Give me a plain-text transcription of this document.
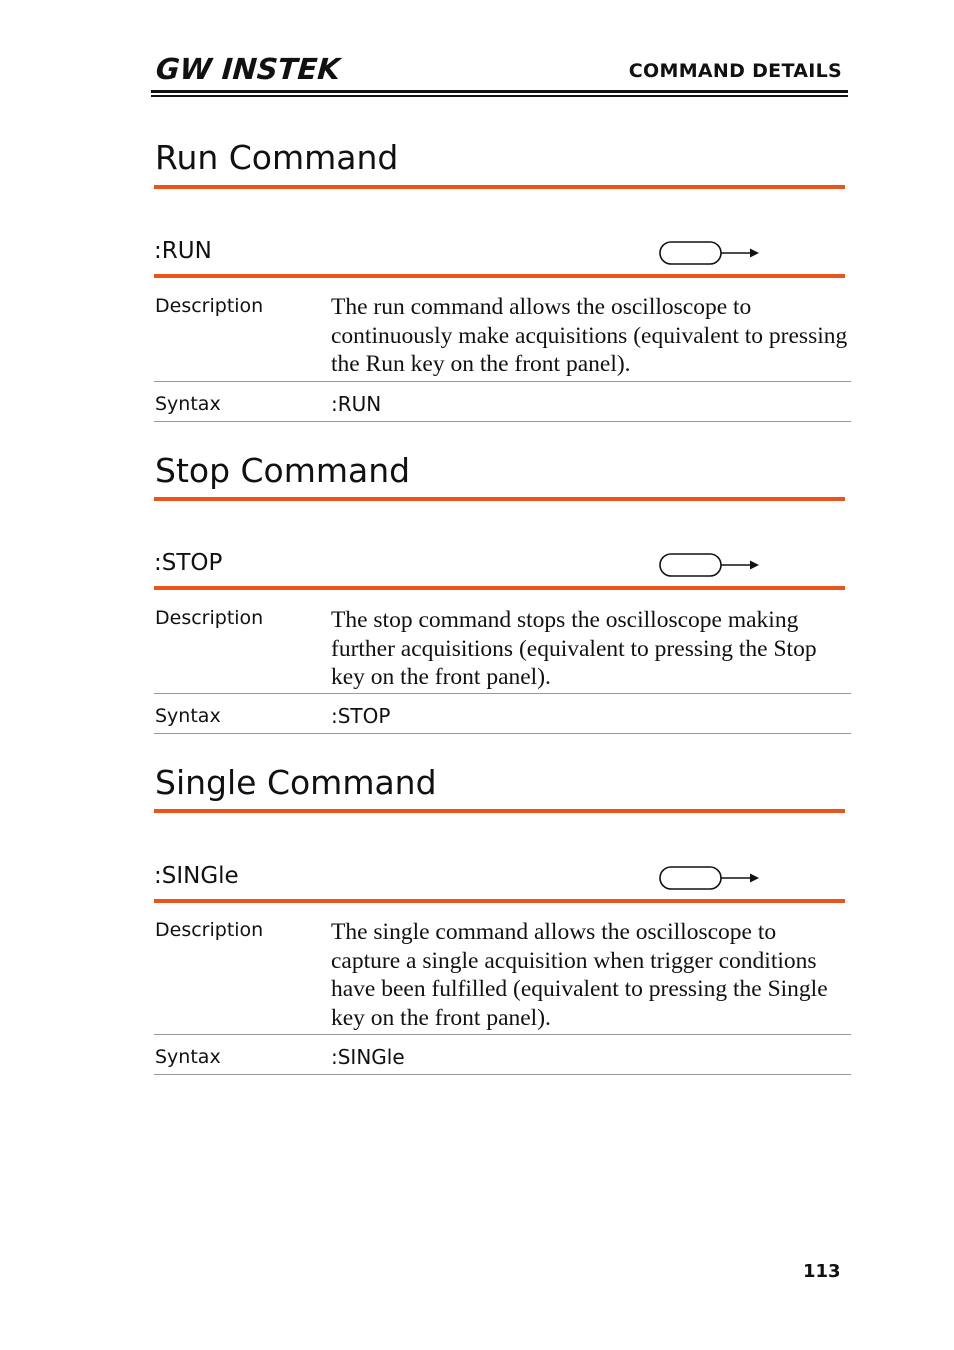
GW INSTEK	COMMAND DETAILS
Run Command
:RUN
Description	The run command allows the oscilloscope to continuously make acquisitions (equivalent to pressing the Run key on the front panel).
Syntax	:RUN
Stop Command
:STOP
Description	The stop command stops the oscilloscope making further acquisitions (equivalent to pressing the Stop key on the front panel).
Syntax	:STOP
Single Command
:SINGle
Description	The single command allows the oscilloscope to capture a single acquisition when trigger conditions have been fulfilled (equivalent to pressing the Single key on the front panel).
Syntax	:SINGle
113
